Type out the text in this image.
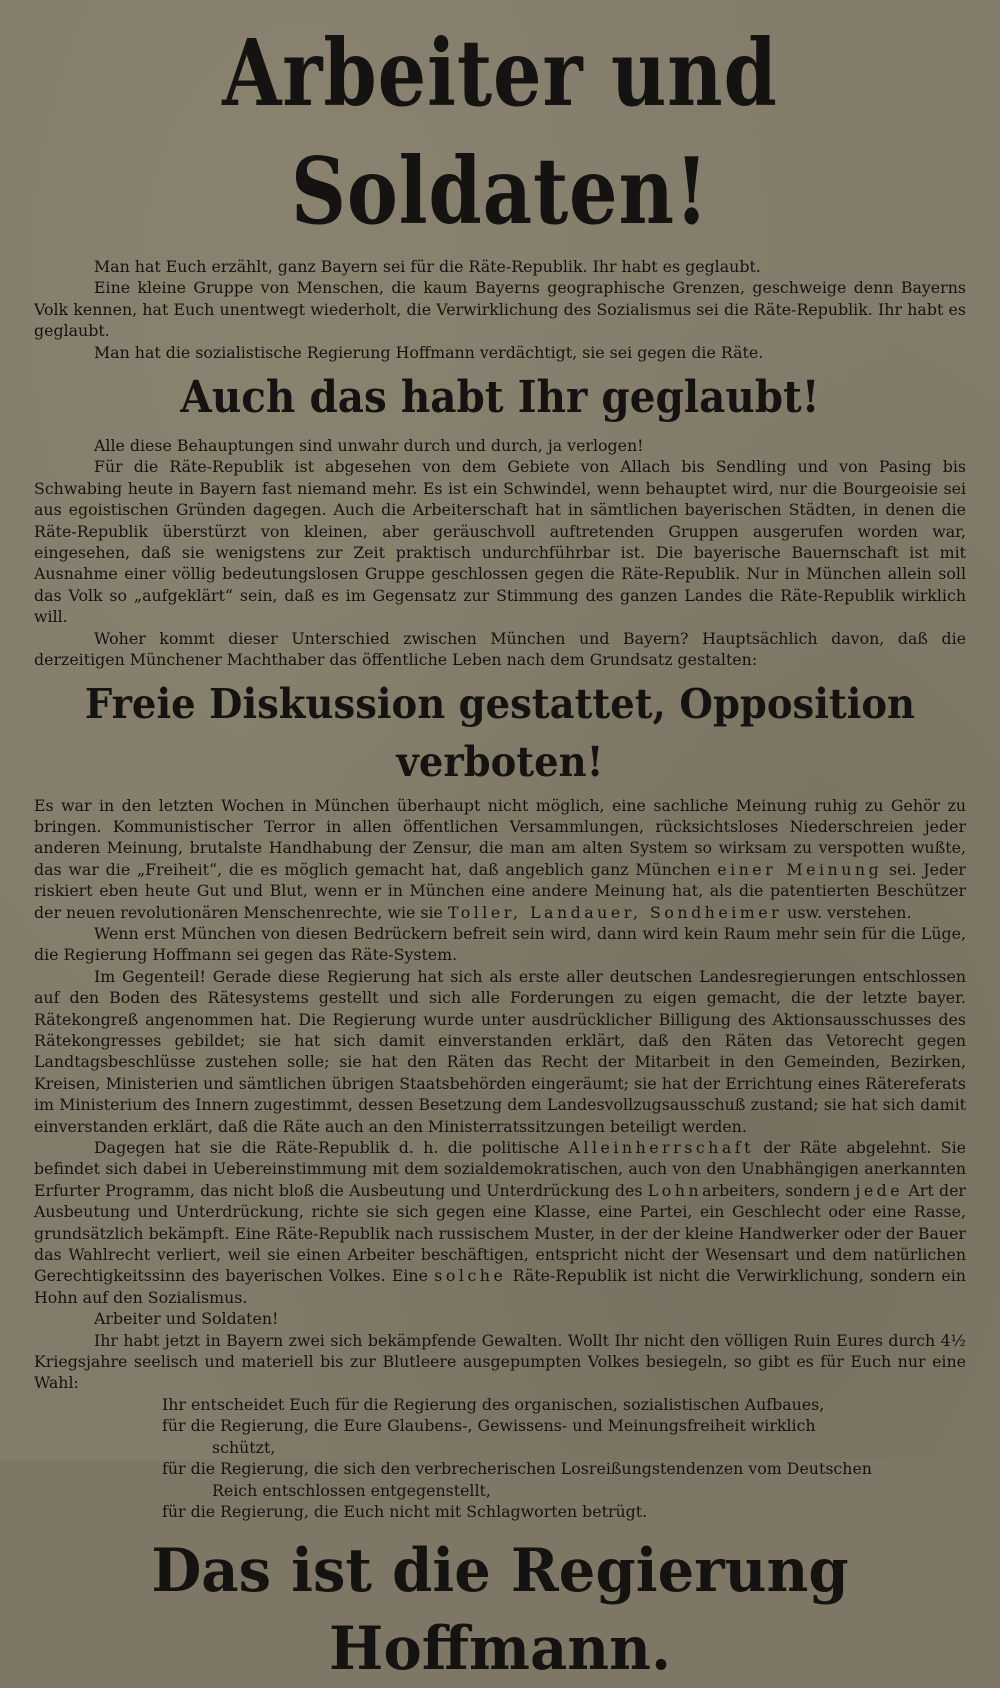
Arbeiter und Soldaten!

Man hat Euch erzählt, ganz Bayern sei für die Räte-Republik. Ihr habt es geglaubt.

Eine kleine Gruppe von Menschen, die kaum Bayerns geographische Grenzen, geschweige denn Bayerns Volk kennen, hat Euch unentwegt wiederholt, die Verwirklichung des Sozialismus sei die Räte-Republik. Ihr habt es geglaubt.

Man hat die sozialistische Regierung Hoffmann verdächtigt, sie sei gegen die Räte.

Auch das habt Ihr geglaubt!

Alle diese Behauptungen sind unwahr durch und durch, ja verlogen!

Für die Räte-Republik ist abgesehen von dem Gebiete von Allach bis Sendling und von Pasing bis Schwabing heute in Bayern fast niemand mehr. Es ist ein Schwindel, wenn behauptet wird, nur die Bourgeoisie sei aus egoistischen Gründen dagegen. Auch die Arbeiterschaft hat in sämtlichen bayerischen Städten, in denen die Räte-Republik überstürzt von kleinen, aber geräuschvoll auftretenden Gruppen ausgerufen worden war, eingesehen, daß sie wenigstens zur Zeit praktisch undurchführbar ist. Die bayerische Bauernschaft ist mit Ausnahme einer völlig bedeutungslosen Gruppe geschlossen gegen die Räte-Republik. Nur in München allein soll das Volk so „aufgeklärt“ sein, daß es im Gegensatz zur Stimmung des ganzen Landes die Räte-Republik wirklich will.

Woher kommt dieser Unterschied zwischen München und Bayern? Hauptsächlich davon, daß die derzeitigen Münchener Machthaber das öffentliche Leben nach dem Grundsatz gestalten:

Freie Diskussion gestattet, Opposition verboten!

Es war in den letzten Wochen in München überhaupt nicht möglich, eine sachliche Meinung ruhig zu Gehör zu bringen. Kommunistischer Terror in allen öffentlichen Versammlungen, rücksichtsloses Niederschreien jeder anderen Meinung, brutalste Handhabung der Zensur, die man am alten System so wirksam zu verspotten wußte, das war die „Freiheit“, die es möglich gemacht hat, daß angeblich ganz München einer Meinung sei. Jeder riskiert eben heute Gut und Blut, wenn er in München eine andere Meinung hat, als die patentierten Beschützer der neuen revolutionären Menschenrechte, wie sie Toller, Landauer, Sondheimer usw. verstehen.

Wenn erst München von diesen Bedrückern befreit sein wird, dann wird kein Raum mehr sein für die Lüge, die Regierung Hoffmann sei gegen das Räte-System.

Im Gegenteil! Gerade diese Regierung hat sich als erste aller deutschen Landesregierungen entschlossen auf den Boden des Rätesystems gestellt und sich alle Forderungen zu eigen gemacht, die der letzte bayer. Rätekongreß angenommen hat. Die Regierung wurde unter ausdrücklicher Billigung des Aktionsausschusses des Rätekongresses gebildet; sie hat sich damit einverstanden erklärt, daß den Räten das Vetorecht gegen Landtagsbeschlüsse zustehen solle; sie hat den Räten das Recht der Mitarbeit in den Gemeinden, Bezirken, Kreisen, Ministerien und sämtlichen übrigen Staatsbehörden eingeräumt; sie hat der Errichtung eines Rätereferats im Ministerium des Innern zugestimmt, dessen Besetzung dem Landesvollzugsausschuß zustand; sie hat sich damit einverstanden erklärt, daß die Räte auch an den Ministerratssitzungen beteiligt werden.

Dagegen hat sie die Räte-Republik d. h. die politische Alleinherrschaft der Räte abgelehnt. Sie befindet sich dabei in Uebereinstimmung mit dem sozialdemokratischen, auch von den Unabhängigen anerkannten Erfurter Programm, das nicht bloß die Ausbeutung und Unterdrückung des Lohnarbeiters, sondern jede Art der Ausbeutung und Unterdrückung, richte sie sich gegen eine Klasse, eine Partei, ein Geschlecht oder eine Rasse, grundsätzlich bekämpft. Eine Räte-Republik nach russischem Muster, in der der kleine Handwerker oder der Bauer das Wahlrecht verliert, weil sie einen Arbeiter beschäftigen, entspricht nicht der Wesensart und dem natürlichen Gerechtigkeitssinn des bayerischen Volkes. Eine solche Räte-Republik ist nicht die Verwirklichung, sondern ein Hohn auf den Sozialismus.

Arbeiter und Soldaten!

Ihr habt jetzt in Bayern zwei sich bekämpfende Gewalten. Wollt Ihr nicht den völligen Ruin Eures durch 4½ Kriegsjahre seelisch und materiell bis zur Blutleere ausgepumpten Volkes besiegeln, so gibt es für Euch nur eine Wahl:

Ihr entscheidet Euch für die Regierung des organischen, sozialistischen Aufbaues,

für die Regierung, die Eure Glaubens-, Gewissens- und Meinungsfreiheit wirklich

schützt,

für die Regierung, die sich den verbrecherischen Losreißungstendenzen vom Deutschen

Reich entschlossen entgegenstellt,

für die Regierung, die Euch nicht mit Schlagworten betrügt.

Das ist die Regierung Hoffmann.
